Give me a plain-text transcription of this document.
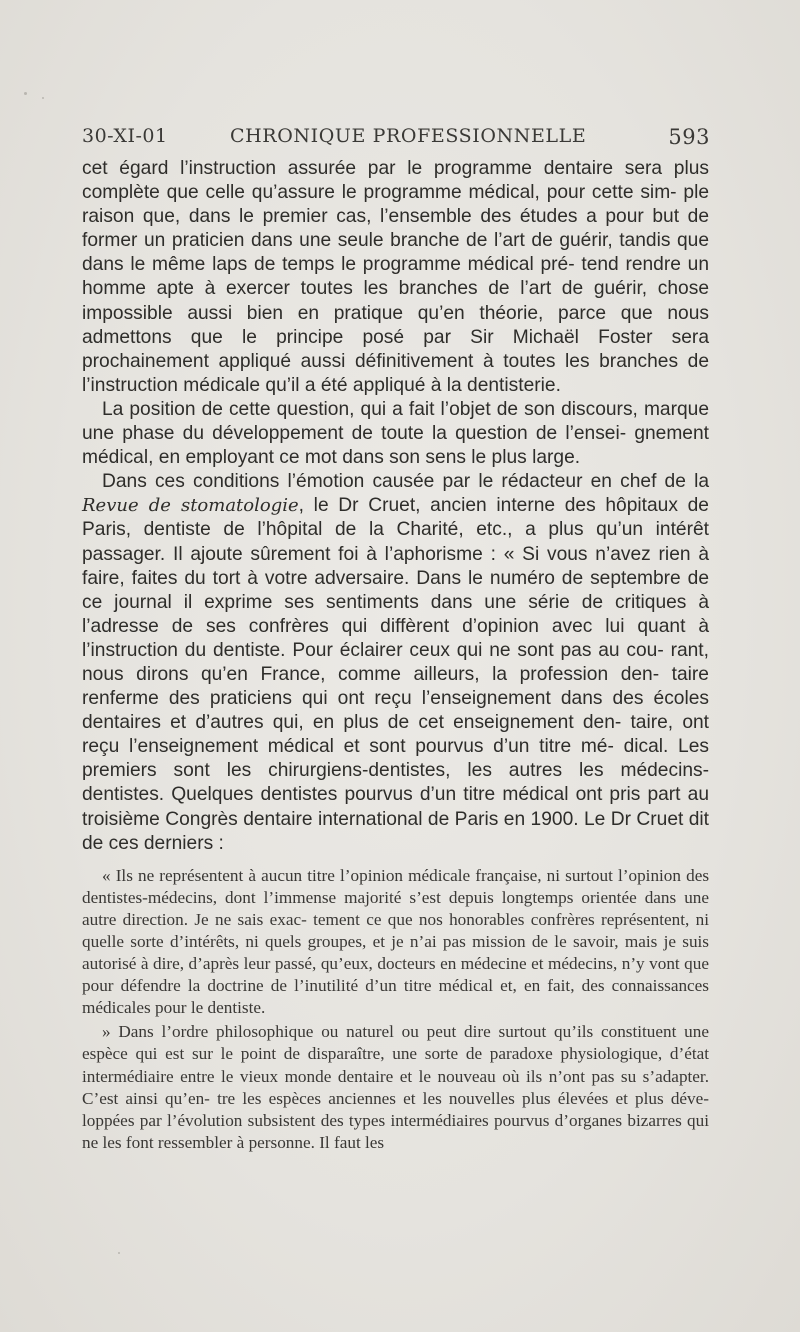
30-XI-01	CHRONIQUE PROFESSIONNELLE	593

cet égard l’instruction assurée par le programme dentaire sera plus complète que celle qu’assure le programme médical, pour cette sim- ple raison que, dans le premier cas, l’ensemble des études a pour but de former un praticien dans une seule branche de l’art de guérir, tandis que dans le même laps de temps le programme médical pré- tend rendre un homme apte à exercer toutes les branches de l’art de guérir, chose impossible aussi bien en pratique qu’en théorie, parce que nous admettons que le principe posé par Sir Michaël Foster sera prochainement appliqué aussi définitivement à toutes les branches de l’instruction médicale qu’il a été appliqué à la dentisterie.

La position de cette question, qui a fait l’objet de son discours, marque une phase du développement de toute la question de l’ensei- gnement médical, en employant ce mot dans son sens le plus large.

Dans ces conditions l’émotion causée par le rédacteur en chef de la Revue de stomatologie, le Dr Cruet, ancien interne des hôpitaux de Paris, dentiste de l’hôpital de la Charité, etc., a plus qu’un intérêt passager. Il ajoute sûrement foi à l’aphorisme : « Si vous n’avez rien à faire, faites du tort à votre adversaire. Dans le numéro de septembre de ce journal il exprime ses sentiments dans une série de critiques à l’adresse de ses confrères qui diffèrent d’opinion avec lui quant à l’instruction du dentiste. Pour éclairer ceux qui ne sont pas au cou- rant, nous dirons qu’en France, comme ailleurs, la profession den- taire renferme des praticiens qui ont reçu l’enseignement dans des écoles dentaires et d’autres qui, en plus de cet enseignement den- taire, ont reçu l’enseignement médical et sont pourvus d’un titre mé- dical. Les premiers sont les chirurgiens-dentistes, les autres les médecins-dentistes. Quelques dentistes pourvus d’un titre médical ont pris part au troisième Congrès dentaire international de Paris en 1900. Le Dr Cruet dit de ces derniers :

« Ils ne représentent à aucun titre l’opinion médicale française, ni surtout l’opinion des dentistes-médecins, dont l’immense majorité s’est depuis longtemps orientée dans une autre direction. Je ne sais exac- tement ce que nos honorables confrères représentent, ni quelle sorte d’intérêts, ni quels groupes, et je n’ai pas mission de le savoir, mais je suis autorisé à dire, d’après leur passé, qu’eux, docteurs en médecine et médecins, n’y vont que pour défendre la doctrine de l’inutilité d’un titre médical et, en fait, des connaissances médicales pour le dentiste.

» Dans l’ordre philosophique ou naturel ou peut dire surtout qu’ils constituent une espèce qui est sur le point de disparaître, une sorte de paradoxe physiologique, d’état intermédiaire entre le vieux monde dentaire et le nouveau où ils n’ont pas su s’adapter. C’est ainsi qu’en- tre les espèces anciennes et les nouvelles plus élevées et plus déve- loppées par l’évolution subsistent des types intermédiaires pourvus d’organes bizarres qui ne les font ressembler à personne. Il faut les
